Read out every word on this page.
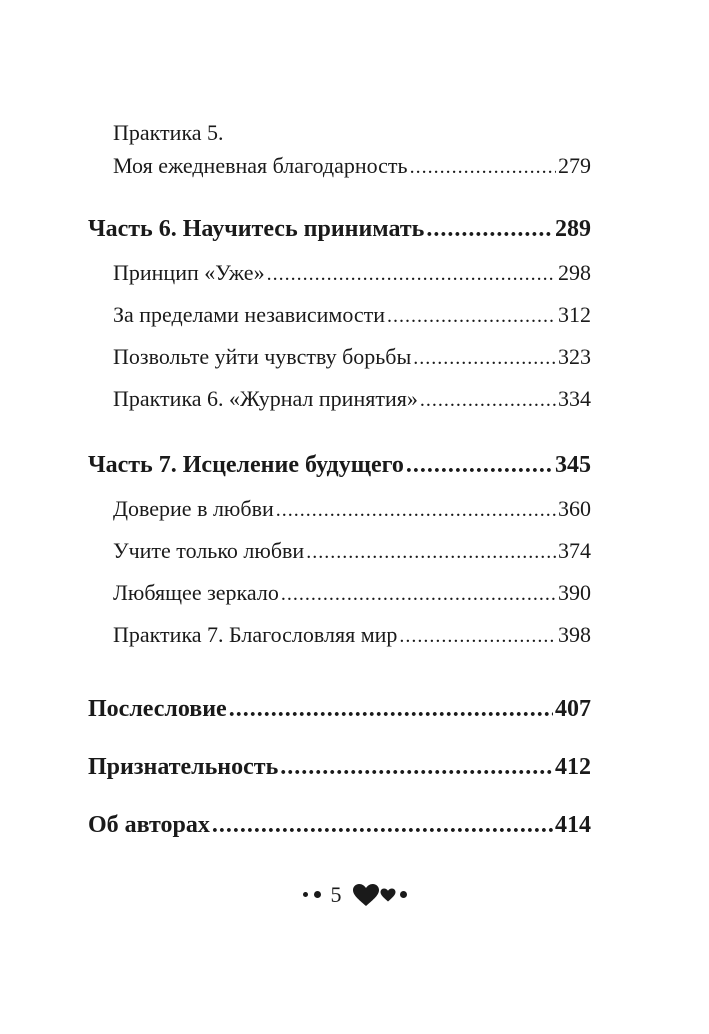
Практика 5.
Моя ежедневная благодарность .....	279
Часть 6. Научитесь принимать .....	289
Принцип «Уже» .....	298
За пределами независимости .....	312
Позвольте уйти чувству борьбы .....	323
Практика 6. «Журнал принятия» .....	334
Часть 7. Исцеление будущего .....	345
Доверие в любви .....	360
Учите только любви .....	374
Любящее зеркало .....	390
Практика 7. Благословляя мир .....	398
Послесловие .....	407
Признательность .....	412
Об авторах .....	414
5
